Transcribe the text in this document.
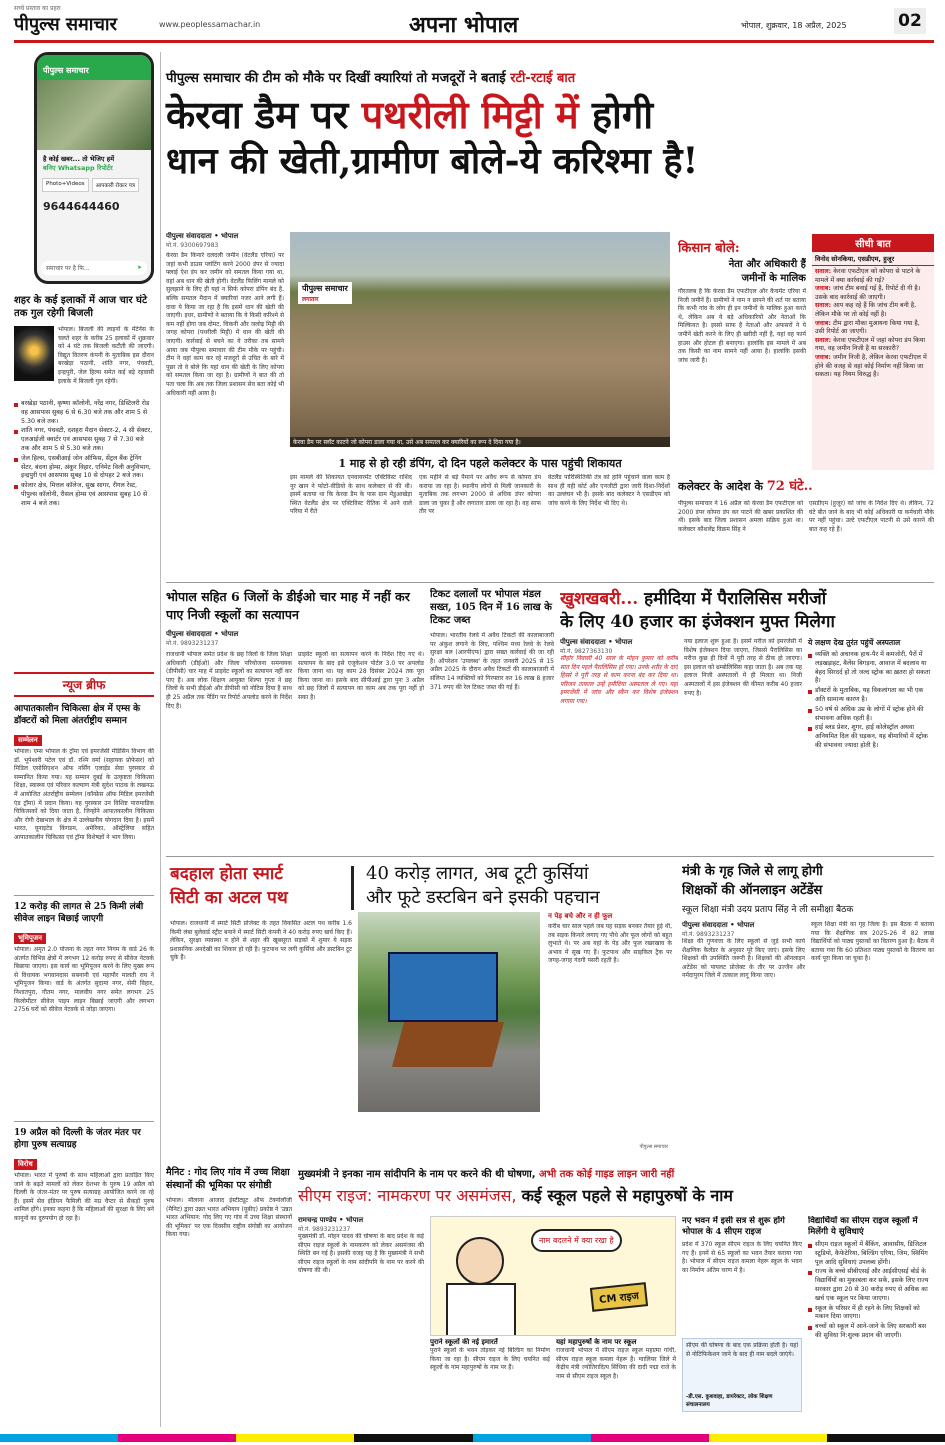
सच्चे प्रस्ताव का प्रहरा
पीपुल्स समाचार	www.peoplessamachar.in	अपना भोपाल	भोपाल, शुक्रवार, 18 अप्रैल, 2025	02
पीपुल्स समाचार
है कोई खबर... तो भेजिए हमें
बनिए Whatsapp रिपोर्टर
Photo+Videos	आपकारी रोकार पत्र
9644644460
समाचार पर है फि...	➤
शहर के कई इलाकों में आज चार घंटे तक गुल रहेगी बिजली
भोपाल। बिजली की लाइनों के मेंटेनेंस के चलते शहर के करीब 25 इलाकों में शुक्रवार को 4 घंटे तक बिजली कटौती की जाएगी। विद्युत वितरण कंपनी के मुताबिक इस दौरान बरखेड़ा पठानी, शांति नगर, पंचवटी, इन्द्रपुरी, जेल हिल्स समेत कई बड़े रहवासी इलाके में बिजली गुल रहेगी।
बरखेड़ा पठानी, कृष्णा कॉलोनी, नरेंद्र नगर, डिस्टिलरी रोड वह आसपास सुबह 6 से 6.30 बजे तक और शाम 5 से 5.30 बजे तक।
शांति नगर, पंचवटी, दशहरा मैदान सेक्टर-2, 4 सी सेक्टर, एलआईजी क्वार्टर एवं आसपास सुबह 7 से 7.30 बजे तक और शाम 5 से 5.30 बजे तक।
जेल हिल्स, एसबीआई जोन ऑफिस, सेंट्रल बैंक ट्रेनिंग सेंटर, बंदना होम्स, अंकुर विहार, एनिमेट विली अनुविभाग, इन्द्रपुरी एवं आसपास सुबह 10 से दोपहर 2 बजे तक।
कोलार क्षेत्र, मित्तल कॉलेज, सुख सागर, रीगल रेस्ट, पीपुल्स कॉलोनी, रीसल होम्स एवं आसपास सुबह 10 से शाम 4 बजे तक।
न्यूज ब्रीफ
आपातकालीन चिकित्सा क्षेत्र में एम्स के डॉक्टरों को मिला अंतर्राष्ट्रीय सम्मान
सम्मेलन
भोपाल। एम्स भोपाल के ट्रॉमा एवं इमरजेंसी मेडिसिन विभाग की डॉ. भूपेश्वरी पटेल एवं डॉ. रश्मि वर्मा (सहायक प्रोफेसर) को मिडिल एसोसिएशन ऑफ नर्सिंग एलाईड सेवा पुरस्कार से सम्मानित किया गया। यह सम्मान दुबई के उत्कृष्टता चिकित्सा शिक्षा, स्वास्थ्य एवं परिवार कल्याण मंत्री सुदेश पाठक के लखनऊ में आयोजित अंतर्राष्ट्रीय सम्मेलन (कॉन्फ्रेंस ऑफ मिडिल इमरजेंसी एंड ट्रॉमा) में प्रदान किया। यह पुरस्कार उन विशिष्ट पारामाडिक चिकित्सकों को दिया जाता है, जिन्होंने आपातकालीन चिकित्सा और रोगी देखभाल के क्षेत्र में उल्लेखनीय योगदान दिया है। इसमें भारत, यूनाइटेड किंगडम, अमेरिका, ऑस्ट्रेलिया सहित आपातकालीन चिकित्सा एवं ट्रॉमा विशेषज्ञों ने भाग लिया।
12 करोड़ की लागत से 25 किमी लंबी सीवेज लाइन बिछाई जाएगी
भूमिपूजन
भोपाल। अमृत 2.0 योजना के तहत नगर निगम के वार्ड 26 के अंतर्गत विभिन्न क्षेत्रों में लगभग 12 करोड़ रुपए से सीवेज नेटवर्क बिछाया जाएगा। इस कार्य का भूमिपूजन करने के लिए मुख्य रूप से विधायक भगवानदास सबनानी एवं महापौर मालती राय ने भूमिपूजन किया। वार्ड के अंतर्गत सुदामा नगर, सेमी विहार, निशातपुरा, गौतम नगर, मालवीय नगर समेत लगभग 25 किलोमीटर सीवेज पाइप लाइन बिछाई जाएगी और लगभग 2756 घरों को सीवेज नेटवर्क से जोड़ा जाएगा।
19 अप्रैल को दिल्ली के जंतर मंतर पर होगा पुरुष सत्याग्रह
विरोध
भोपाल। भारत में पुरुषों के साथ महिलाओं द्वारा प्रताड़ित किए जाने के बढ़ते मामलों को लेकर देशभर के पुरुष 19 अप्रैल को दिल्ली के जंतर-मंतर पर पुरुष सत्याग्रह आयोजित करने जा रहे हैं। इसमें सेव इंडियन फैमिली की मप्र चैप्टर से सैकड़ों पुरुष शामिल होंगे। इनका कहना है कि महिलाओं की सुरक्षा के लिए बने कानूनों का दुरुपयोग हो रहा है।
पीपुल्स समाचार की टीम को मौके पर दिखीं क्यारियां तो मजदूरों ने बताई रटी-रटाई बात
केरवा डैम पर पथरीली मिट्टी में होगी
धान की खेती,ग्रामीण बोले-ये करिश्मा है!
पीपुल्स संवाददाता • भोपाल
मो.नं. 9300697983
केरवा डैम किनारे दलदली जमीन (वेटलैंड एरिया) पर जहां कभी डाउस प्लांटिंग करने 2000 डंपर से ज्यादा फ्लाई ऐश डंप कर जमीन को समतल किया गया था, वहां अब धान की खेती होगी। वेटलैंड फिलिंग मामले को सुलझाने के लिए ही यहां न सिर्फ कोपरा डंपिंग बंद है, बल्कि समतल मैदान में क्यारियां नजर आने लगी हैं। दावा ये किया जा रहा है कि इसमें धान की खेती की जाएगी। इधर, ग्रामीणों ने बताया कि ये किसी करिश्मे से कम नहीं होगा जब दोमट, चिकनी और जलोढ़ मिट्टी की जगह कोपरा (पथरीली मिट्टी) में धान की खेती की जाएगी। कार्रवाई से बचने का ये तरीका तब सामने आया जब पीपुल्स समाचार की टीम मौके पर पहुंची। टीम ने वहां काम कर रहे मजदूरों से उचित के बारे में पूछा तो वे बोले कि यहां धान की खेती के लिए कोपरा को समतल किया जा रहा है। ग्रामीणों ने बात की तो पता चला कि अब तक जिला प्रशासन सेव बता कोई भी अधिकारी नहीं आया है।
पीपुल्स समाचार
लगातार
केरवा डैम पर स्लॉट काटने जो कोपरा डाला गया था, उसे अब समतल कर क्यारियों का रूप दे दिया गया है।
1 माह से हो रही डंपिंग, दो दिन पहले कलेक्टर के पास पहुंची शिकायत
इस मामले की शिकायत एनवायरमेंट एक्टिविस्ट राशिद नूर खान ने फोटो-वीडियो के साथ कलेक्टर से की थी। इसमें बताया था कि केरवा डैम के पास ग्राम मेंडुआखेड़ा स्थित वेटलैंड क्षेत्र पर एक्टिविस्ट रीतिक में आने वाले परिया में रीते
एक महीने से बड़े पैमाने पर अवैध रूप से कोपरा डंप कराया जा रहा है। स्थानीय लोगों से मिली जानकारी के मुताबिक तक लगभग 2000 से अधिक डंपर कोपरा डाला जा चुका है और लगातार डाला जा रहा है। वह साफ तौर पर
वेटलैंड पारिस्थितिकी तंत्र को हानि पहुंचाने वाला काम है साथ ही यही कोर्ट और एनजीटी द्वारा जारी दिशा-निर्देशों का उल्लंघन भी है। इसके बाद कलेक्टर ने एसडीएम को जांच करने के लिए निर्देश भी दिए थे।
किसान बोले:
नेता और अधिकारी हैं
जमीनों के मालिक
गौरतलब है कि केरवा डैम एफटीएल और कैचमेंट एरिया में निजी जमीनें हैं। ग्रामीणों ने नाम न छापने की शर्त पर बताया कि कभी गांव के लोग ही इन जमीनों के मालिक हुआ करते थे, लेकिन अब ये बड़े अधिकारियों और नेताओं कि मिल्कियत है। इससे साफ है नेताओं और अफसरों ने ये जमीनें खेती करने के लिए ही खरीदी नहीं है, यहां वह फार्म हाउस और होटल ही बनाएगा। हालांकि इस मामले में अब तक किसी का नाम सामने नहीं आया है। हालांकि इसकी जांच जारी है।
सीधी बात
विनोद सोनकिया, एसडीएम, हुजूर
सवाल: केरवा एफटीएल को कोपरा से पाटने के मामले में क्या कार्रवाई की गई?
जवाब: जांच टीम बनाई गई है, रिपोर्ट दी गी है। उसके बाद कार्रवाई की जाएगी।
सवाल: आप कह रहे हैं कि जांच टीम बनी है, लेकिन मौके पर तो कोई नहीं है।
जवाब: टीम द्वारा मौका मुआयना किया गया है, उसी रिपोर्ट आ जाएगी।
सवाल: केरवा एफटीएल में जहां कोपरा डंप किया गया, वह जमीन निजी है या सरकारी?
जवाब: जमीन निजी है, लेकिन केरवा एफटीएल में होने की वजह से वहां कोई निर्माण नहीं किया जा सकता। यह नियम विरुद्ध है।
कलेक्टर के आदेश के 72 घंटे..
पीपुल्स समाचार ने 16 अप्रैल को केरवा डैम एफटीएल को 2000 डंपर कोपरा डंप कर पाटने की खबर प्रकाशित की थी। इसके बाद जिला प्रशासन अमला सक्रिय हुआ था। कलेक्टर कौशलेंद्र विक्रम सिंह ने
एसडीएम (हुजूर) को जांच के निर्देश दिए थे। लेकिन, 72 घंटे बीत जाने के बाद भी कोई अधिकारी या कर्मचारी मौके पर नहीं पहुंचा। उल्टे एफटीएल पाटनी से उसे कारने की बात कह रहे हैं।
भोपाल सहित 6 जिलों के डीईओ चार माह में नहीं कर पाए निजी स्कूलों का सत्यापन
पीपुल्स संवाददाता • भोपाल
मो.नं. 9893231237
राजधानी भोपाल समेत प्रदेश के छह जिलों के जिला शिक्षा अधिकारी (डीईओ) और जिला परियोजना समन्वयक (डीपीसी) चार माह में प्राइवेट स्कूलों का सत्यापन नहीं कर पाए हैं। अब लोक शिक्षण आयुक्त शिल्पा गुप्ता ने छह जिलों के सभी डीईओ और डीपीसी को नोटिस दिया है साथ ही 25 अप्रैल तक पेंडिंग पर रिपोर्ट अपलोड करने के निर्देश दिए हैं।
प्राइवेट स्कूलों का सत्यापन करने के निर्देश दिए गए थे। सत्यापन के बाद इसे एजुकेशन पोर्टल 3.0 पर अपलोड किया जाना था। यह काम 28 दिसंबर 2024 तक पूरा किया जाना था। इसके बाद सीपीआई द्वारा पुनः 3 अप्रैल को छह जिलों में सत्यापन का काम अब तक पूरा नहीं हो सका है।
टिकट दलालों पर भोपाल मंडल सख्त, 105 दिन में 16 लाख के टिकट जब्त
भोपाल। भारतीय रेलवे में अवैध टिकटों की कालाबाजारी पर अंकुश लगाने के लिए, पश्चिम मध्य रेलवे के रेलवे सुरक्षा बल (आरपीएफ) द्वारा सख्त कार्रवाई की जा रही है। ऑपरेशन 'उपलब्ध' के तहत जनवरी 2025 से 15 अप्रैल 2025 के दौरान अवैध टिकटों की कालाबाजारी में संलिप्त 14 व्यक्तियों को गिरफ्तार कर 16 लाख 8 हजार 371 रुपए की रेल टिकट जब्त की गई हैं।
खुशखबरी... हमीदिया में पैरालिसिस मरीजों
के लिए 40 हजार का इंजेक्शन मुफ्त मिलेगा
पीपुल्स संवाददाता • भोपाल
मो.नं. 9827363130
सीहोर निवासी 40 साल के मोहन कुमार को करीब सात दिन पहले पैरालिसिस हो गया। उनके शरीर के दाएं हिस्से ने पूरी तरह से काम करना बंद कर दिया था। परिजन तत्काल उन्हें हमीदिया अस्पताल ले गए। यहां इमरजेंसी में जांच और स्कैन कर विशेष इंजेक्शन लगाया गया।
नया इलाज शुरू हुआ है। इसमें मरीज को इमरजेंसी में विशेष इंजेक्शन दिया जाएगा, जिससे पैरालिसिस का मरीज कुछ ही दिनों में पूरी तरह से ठीक हो जाएगा। इस इलाज को थ्रम्बोलिसिस कहा जाता है। अब तक यह इलाज निजी अस्पतालों में ही मिलता था। निजी अस्पतालों में इस इंजेक्शन की कीमत करीब 40 हजार रुपए है।
ये लक्षण देख तुरंत पहुंचें अस्पताल
व्यक्ति को अचानक हाथ-पैर में कमजोरी, पैरों में लड़खड़ाहट, बैलेंस बिगड़ना, आवाज में बदलाव या बेहद सिरदर्द हो तो जल्द स्ट्रोक का ख़तरा हो सकता है।
डॉक्टरों के मुताबिक, यह विकलांगता का भी एक अति सामान्य कारण है।
50 वर्ष से अधिक उम्र के लोगों में स्ट्रोक होने की संभावना अधिक रहती है।
हाई ब्लड प्रेशर, शुगर, हाई कोलेस्ट्रॉल अथवा अनियमित दिल की धड़कन, यह बीमारियों में स्ट्रोक की संभावना ज्यादा होती है।
बदहाल होता स्मार्ट
सिटी का अटल पथ
40 करोड़ लागत, अब टूटी कुर्सियां
और फूटे डस्टबिन बने इसकी पहचान
भोपाल। राजधानी में स्मार्ट सिटी प्रोजेक्ट के तहत विकसित अटल पथ करीब 1.6 किमी लंबा बुलेवार्ड स्ट्रीट बनाने में स्मार्ट सिटी कंपनी ने 40 करोड़ रुपए खर्च किए हैं। लेकिन, सुरक्षा व्यवस्था न होने से शहर की खूबसूरत सड़कों में शुमार ये सड़क प्रशासनिक अनदेखी का शिकार हो रही है। फुटपाथ पर लगी कुर्सियां और डस्टबिन टूट चुके हैं।
न पेड़ बचे और न ही फूल
करीब चार साल पहले जब यह सड़क बनकर तैयार हुई थी, तब सड़क किनारे लगाए गए पौधे और फूल लोगों को बहुत लुभाते थे। पर अब यहां के पेड़ और फूल रखरखाव के अभाव में सूख गए हैं। फुटपाथ और साइकिल ट्रैक पर जगह-जगह गंदगी पसरी रहती है।
पीपुल्स समाचार
मंत्री के गृह जिले से लागू होगी
शिक्षकों की ऑनलाइन अटेंडेंस
स्कूल शिक्षा मंत्री उदय प्रताप सिंह ने ली समीक्षा बैठक
पीपुल्स संवाददाता • भोपाल
मो.नं. 9893231237
शिक्षा की गुणवत्ता के लिए स्कूलों से जुड़े सभी कार्य शैक्षणिक कैलेंडर के अनुसार पूरे किए जाएं। इसके लिए शिक्षकों की उपस्थिति जरूरी है। शिक्षकों की ऑनलाइन अटेंडेंस को पायलट प्रोजेक्ट के तौर पर उज्जैन और नर्मदापुरम जिले में तत्काल लागू किया जाए।
स्कूल शिक्षा मंत्री का गृह जिला है। इस बैठक में बताया गया कि शैक्षणिक सत्र 2025-26 में 82 लाख विद्यार्थियों को पाठ्य पुस्तकों का वितरण हुआ है। बैठक में बताया गया कि 60 प्रतिशत पाठ्य पुस्तकों के वितरण का कार्य पूरा किया जा चुका है।
मैनिट : गोद लिए गांव में उच्च शिक्षा संस्थानों की भूमिका पर संगोष्ठी
भोपाल। मौलाना आजाद इंस्टीट्यूट ऑफ टेक्नोलॉजी (मैनिट) द्वारा उन्नत भारत अभियान (यूबीए) प्रकोष्ठ ने 'उन्नत भारत अभियान: गोद लिए गए गांव में उच्च शिक्षा संस्थानों की भूमिका' पर एक दिवसीय राष्ट्रीय संगोष्ठी का आयोजन किया गया।
मुख्यमंत्री ने इनका नाम सांदीपनि के नाम पर करने की थी घोषणा, अभी तक कोई गाइड लाइन जारी नहीं
सीएम राइज: नामकरण पर असमंजस, कई स्कूल पहले से महापुरुषों के नाम
रामचन्द्र पाण्डेय • भोपाल
मो.नं. 9893231237
मुख्यमंत्री डॉ. मोहन यादव की घोषणा के बाद प्रदेश के कई सीएम राइज स्कूलों के नामकरण को लेकर असमंजस की स्थिति बन गई है। इसकी वजह यह है कि मुख्यमंत्री ने सभी सीएम राइज स्कूलों के नाम सांदीपनि के नाम पर करने की घोषणा की थी।
नाम बदलने में क्या रखा है
CM राइज
पुराने स्कूलों की नई इमारतें
पुराने स्कूलों के भवन तोड़कर नई बिल्डिंग का निर्माण किया जा रहा है। सीएम राइज के लिए चयनित कई स्कूलों के नाम महापुरुषों के नाम पर हैं।
यहां महापुरुषों के नाम पर स्कूल
राजधानी भोपाल में सीएम राइज स्कूल महात्मा गांधी, सीएम राइज स्कूल कमला नेहरू है। ग्वालियर जिले में केंद्रीय मंत्री ज्योतिरादित्य सिंधिया की दादी पद्मा राजे के नाम से सीएम राइज स्कूल है।
नए भवन में इसी सत्र से शुरू होंगे भोपाल के 4 सीएम राइज
प्रदेश में 370 स्कूल सीएम राइज के लिए चयनित किए गए हैं। इनमें से 65 स्कूलों का भवन तैयार कराया गया है। भोपाल में सीएम राइज कमला नेहरू स्कूल के भवन का निर्माण अंतिम चरण में है।
सीएम की घोषणा के बाद एक प्रक्रिया होती है। यहां से नोटिफिकेशन जाने के बाद ही नाम बदले जाएंगे।
-डी.एस. कुशवाहा, डायरेक्टर, लोक शिक्षण संचालनालय
विद्यार्थियों का सीएम राइज स्कूलों में मिलेंगी ये सुविधाएं
सीएम राइज स्कूलों में बैंकिंग, आवासीय, डिजिटल स्टूडियो, कैफेटेरिया, बिल्डिंग एरिया, जिम, स्विमिंग पूल आदि सुविधाएं उपलब्ध होंगी।
राज्य के बच्चे सीबीएसई और आईसीएसई बोर्ड के विद्यार्थियों का मुकाबला कर सकें, इसके लिए राज्य सरकार द्वारा 20 से 30 करोड़ रुपए से अधिक का खर्च एक स्कूल पर किया जाएगा।
स्कूल के परिसर में ही रहने के लिए शिक्षकों को मकान दिया जाएगा।
बच्चों को स्कूल में आने-जाने के लिए सरकारी बस की सुविधा नि:शुल्क प्रदान की जाएगी।
